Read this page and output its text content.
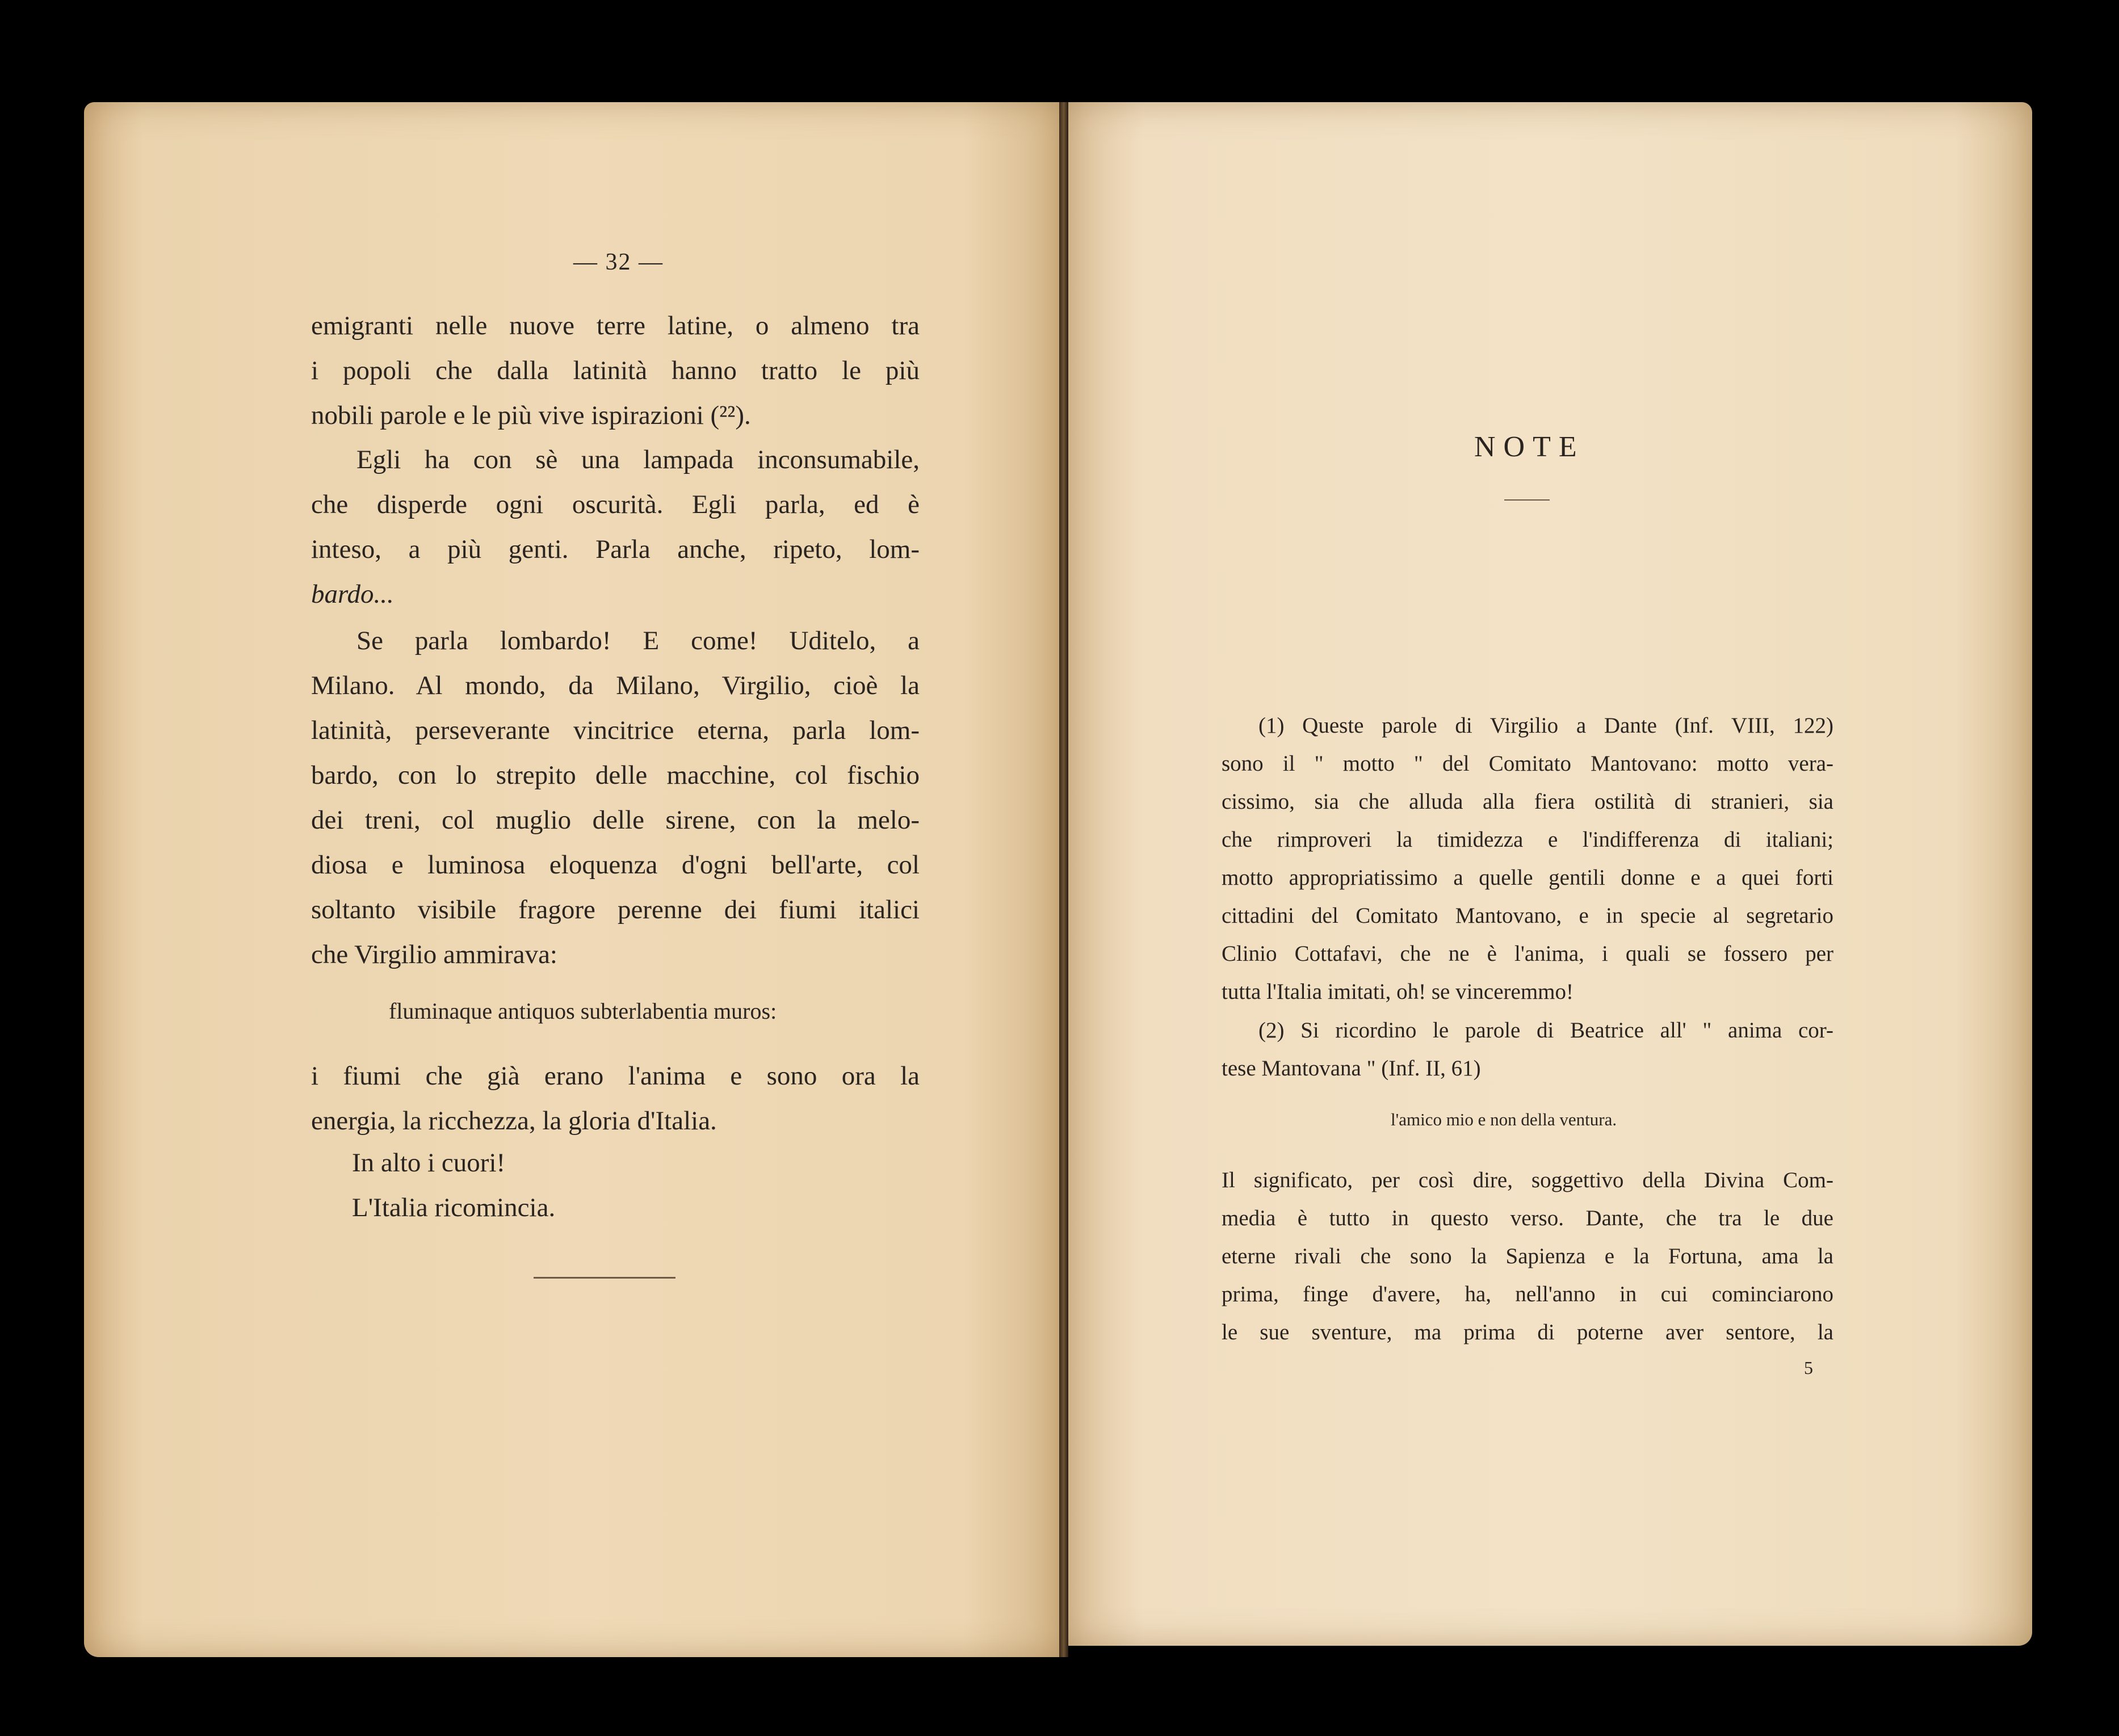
— 32 —
emigranti nelle nuove terre latine, o almeno tra
i popoli che dalla latinità hanno tratto le più
nobili parole e le più vive ispirazioni (²²).
Egli ha con sè una lampada inconsumabile,
che disperde ogni oscurità. Egli parla, ed è
inteso, a più genti. Parla anche, ripeto, lom-
bardo...
Se parla lombardo! E come! Uditelo, a
Milano. Al mondo, da Milano, Virgilio, cioè la
latinità, perseverante vincitrice eterna, parla lom-
bardo, con lo strepito delle macchine, col fischio
dei treni, col muglio delle sirene, con la melo-
diosa e luminosa eloquenza d'ogni bell'arte, col
soltanto visibile fragore perenne dei fiumi italici
che Virgilio ammirava:
fluminaque antiquos subterlabentia muros:
i fiumi che già erano l'anima e sono ora la
energia, la ricchezza, la gloria d'Italia.
In alto i cuori!
L'Italia ricomincia.
NOTE
(1) Queste parole di Virgilio a Dante (Inf. VIII, 122)
sono il " motto " del Comitato Mantovano: motto vera-
cissimo, sia che alluda alla fiera ostilità di stranieri, sia
che rimproveri la timidezza e l'indifferenza di italiani;
motto appropriatissimo a quelle gentili donne e a quei forti
cittadini del Comitato Mantovano, e in specie al segretario
Clinio Cottafavi, che ne è l'anima, i quali se fossero per
tutta l'Italia imitati, oh! se vinceremmo!
(2) Si ricordino le parole di Beatrice all' " anima cor-
tese Mantovana " (Inf. II, 61)
l'amico mio e non della ventura.
Il significato, per così dire, soggettivo della Divina Com-
media è tutto in questo verso. Dante, che tra le due
eterne rivali che sono la Sapienza e la Fortuna, ama la
prima, finge d'avere, ha, nell'anno in cui cominciarono
le sue sventure, ma prima di poterne aver sentore, la
5
